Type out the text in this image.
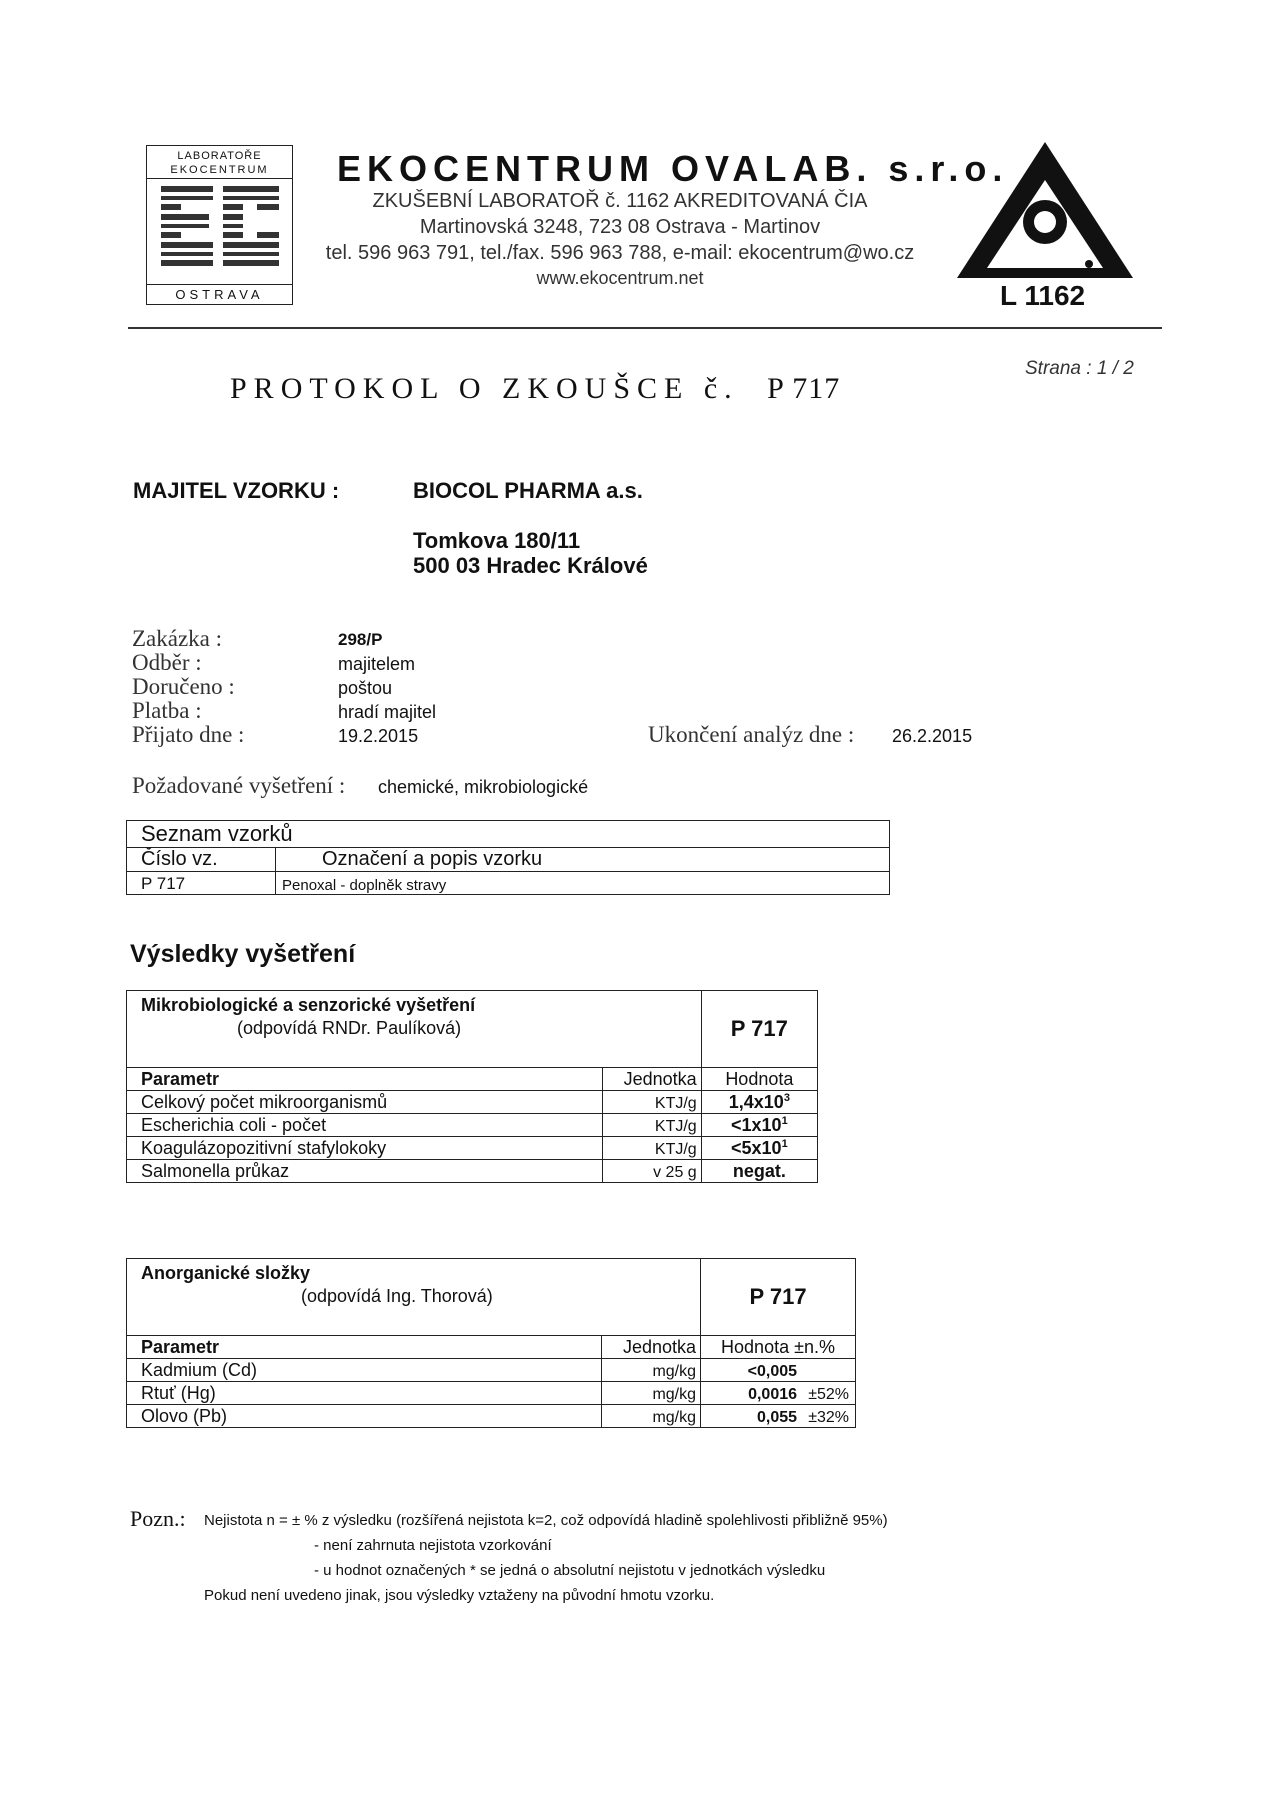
LABORATOŘE
EKOCENTRUM
OSTRAVA
EKOCENTRUM OVALAB. s.r.o.
ZKUŠEBNÍ LABORATOŘ č. 1162 AKREDITOVANÁ ČIA
Martinovská 3248, 723 08 Ostrava - Martinov
tel. 596 963 791, tel./fax. 596 963 788, e-mail: ekocentrum@wo.cz
www.ekocentrum.net
L 1162
PROTOKOL O ZKOUŠCE č. P 717
Strana : 1 / 2
MAJITEL VZORKU :	BIOCOL PHARMA a.s.
Tomkova 180/11
500 03 Hradec Králové
Zakázka :	298/P
Odběr :	majitelem
Doručeno :	poštou
Platba :	hradí majitel
Přijato dne :	19.2.2015	Ukončení analýz dne : 26.2.2015
Požadované vyšetření : chemické, mikrobiologické
Seznam vzorků	
Číslo vz.	Označení a popis vzorku
P 717	Penoxal - doplněk stravy
Výsledky vyšetření
Mikrobiologické a senzorické vyšetření
(odpovídá RNDr. Paulíková)		P 717
Parametr	Jednotka	Hodnota
Celkový počet mikroorganismů	KTJ/g	$1,4x10^3$
Escherichia coli - počet	KTJ/g	$<1x10^1$
Koagulázopozitivní stafylokoky	KTJ/g	$<5x10^1$
Salmonella průkaz	v 25 g	negat.
Anorganické složky
(odpovídá Ing. Thorová)		P 717
Parametr	Jednotka	Hodnota ±n.%
Kadmium (Cd)	mg/kg	<0,005
Rtuť (Hg)	mg/kg	0,0016 ±52%
Olovo (Pb)	mg/kg	0,055 ±32%
Pozn.: Nejistota n = ± % z výsledku (rozšířená nejistota k=2, což odpovídá hladině spolehlivosti přibližně 95%)
- není zahrnuta nejistota vzorkování
- u hodnot označených * se jedná o absolutní nejistotu v jednotkách výsledku
Pokud není uvedeno jinak, jsou výsledky vztaženy na původní hmotu vzorku.
